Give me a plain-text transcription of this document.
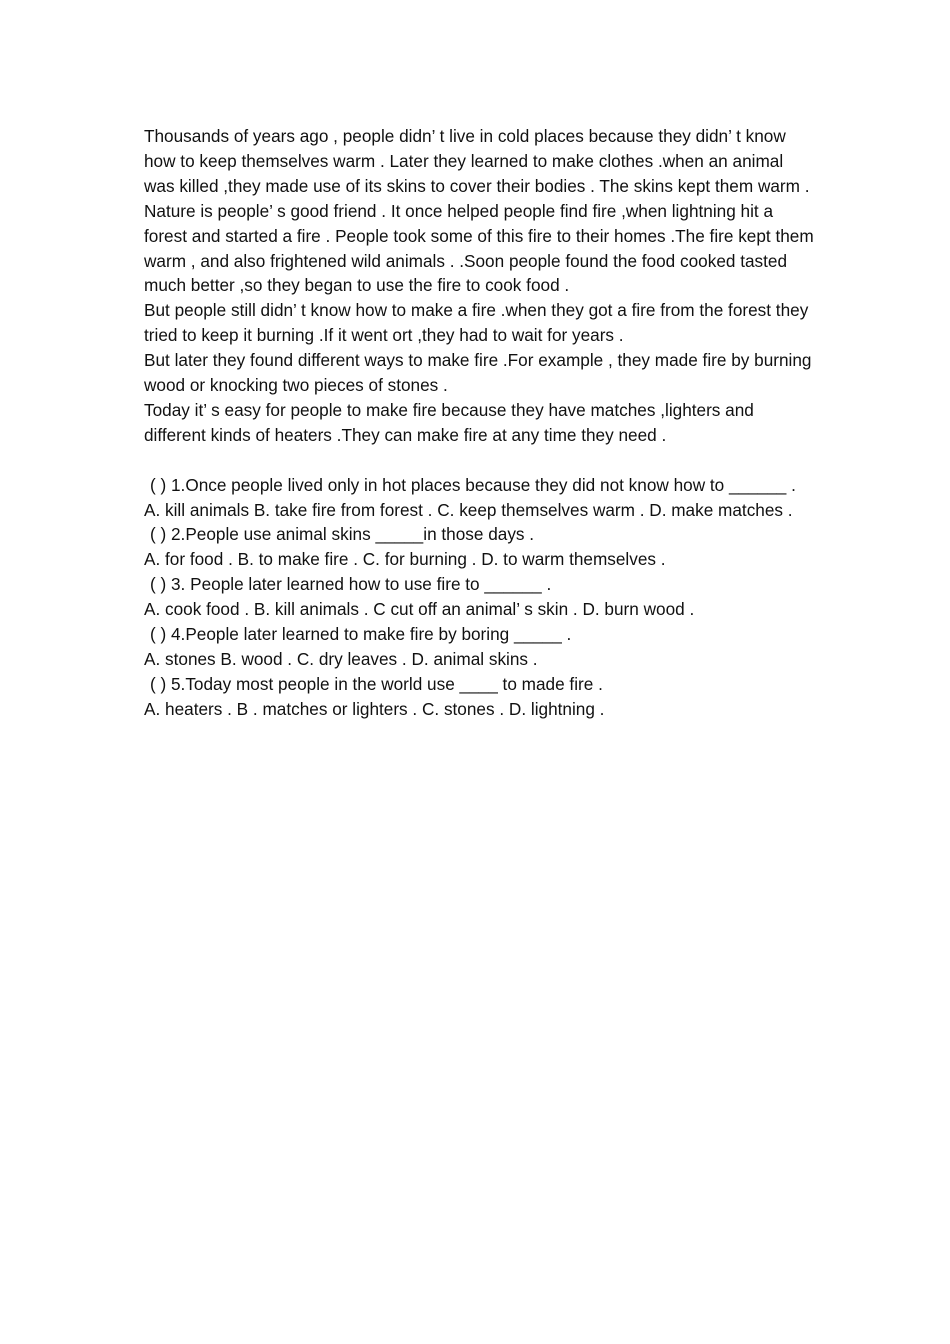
Thousands of years ago , people didn’ t live in cold places because they didn’ t know how to keep themselves warm . Later they learned to make clothes .when an animal was killed ,they made use of its skins to cover their bodies . The skins kept them warm .

Nature is people’ s good friend . It once helped people find fire ,when lightning hit a forest and started a fire . People took some of this fire to their homes .The fire kept them warm , and also frightened wild animals . .Soon people found the food cooked tasted much better ,so they began to use the fire to cook food .

But people still didn’ t know how to make a fire .when they got a fire from the forest they tried to keep it burning .If it went ort ,they had to wait for years .

But later they found different ways to make fire .For example , they made fire by burning wood or knocking two pieces of stones .

Today it’ s easy for people to make fire because they have matches ,lighters and different kinds of heaters .They can make fire at any time they need .

( ) 1.Once people lived only in hot places because they did not know how to ______ .

A. kill animals B. take fire from forest . C. keep themselves warm . D. make matches .

( ) 2.People use animal skins _____in those days .

A. for food . B. to make fire . C. for burning . D. to warm themselves .

( ) 3. People later learned how to use fire to ______ .

A. cook food . B. kill animals . C cut off an animal’ s skin . D. burn wood .

( ) 4.People later learned to make fire by boring _____ .

A. stones B. wood . C. dry leaves . D. animal skins .

( ) 5.Today most people in the world use ____ to made fire .

A. heaters . B . matches or lighters . C. stones . D. lightning .
